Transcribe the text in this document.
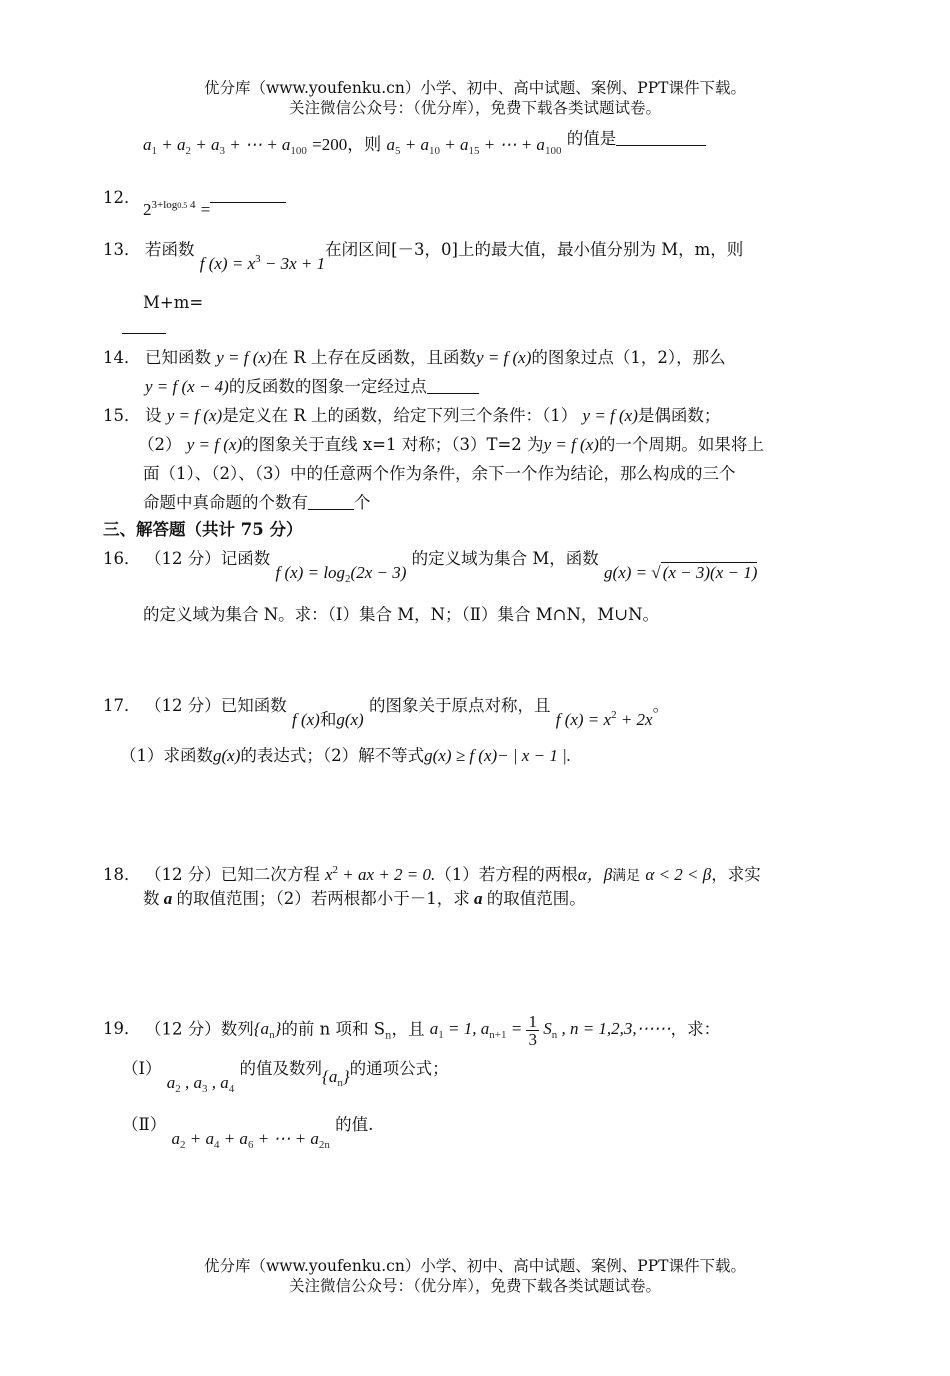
优分库（www.youfenku.cn）小学、初中、高中试题、案例、PPT课件下载。
关注微信公众号：（优分库），免费下载各类试题试卷。
$a_1 + a_2 + a_3$ + ⋯ + $a_{100} =200$，则 $a_5 + a_{10} + a_{15}$ + ⋯ + $a_{100}$ 的值是
12．$2^{3+log0.5 4}$ =
13． 若函数 f $(x) = x^3 - 3x + 1$在闭区间[－3，0]上的最大值，最小值分别为 M，m，则
M+m=
14． 已知函数 y = f (x)在 R 上存在反函数，且函数y = f (x)的图象过点（1，2），那么
y = f (x − 4)的反函数的图象一定经过点
15． 设 y = f (x)是定义在 R 上的函数，给定下列三个条件：（1） y = f (x)是偶函数；
（2） y = f (x)的图象关于直线 x=1 对称；（3）T=2 为y = f (x)的一个周期。如果将上
面（1）、（2）、（3）中的任意两个作为条件，余下一个作为结论，那么构成的三个
命题中真命题的个数有	个
三、解答题（共计 75 分）
16． （12 分）记函数 f $(x) = \log_2(2x - 3)$ 的定义域为集合 M，函数 g(x) = √ (x − 3)(x − 1)
的定义域为集合 N。求：（Ⅰ）集合 M，N；（Ⅱ）集合 M∩N，M∪N。
17． （12 分）已知函数 f (x)和g(x) 的图象关于原点对称，且 f $(x) = x^2 + 2x$。
（1）求函数g(x)的表达式；（2）解不等式g(x) ≥ f (x)− | x − 1 |.
18． （12 分）已知二次方程 $x^2$ + ax + 2 = 0.（1）若方程的两根α，β满足 α < 2 < β，求实
数 a 的取值范围；（2）若两根都小于－1，求 a 的取值范围。
19． （12 分）数列$\{a_n\}$的前 n 项和 $S_n$，且 $a_1 = 1$, $a_{n+1} = \frac{1}{3} S_n$ , n = 1,2,3,⋯⋯，求：
（Ⅰ） $a_2$ , $a_3$ , $a_4$ 的值及数列$\{a_n\}$的通项公式；
（Ⅱ） $a_2 + a_4 + a_6$ + ⋯ + $a_{2n}$ 的值.
优分库（www.youfenku.cn）小学、初中、高中试题、案例、PPT课件下载。
关注微信公众号：（优分库），免费下载各类试题试卷。
